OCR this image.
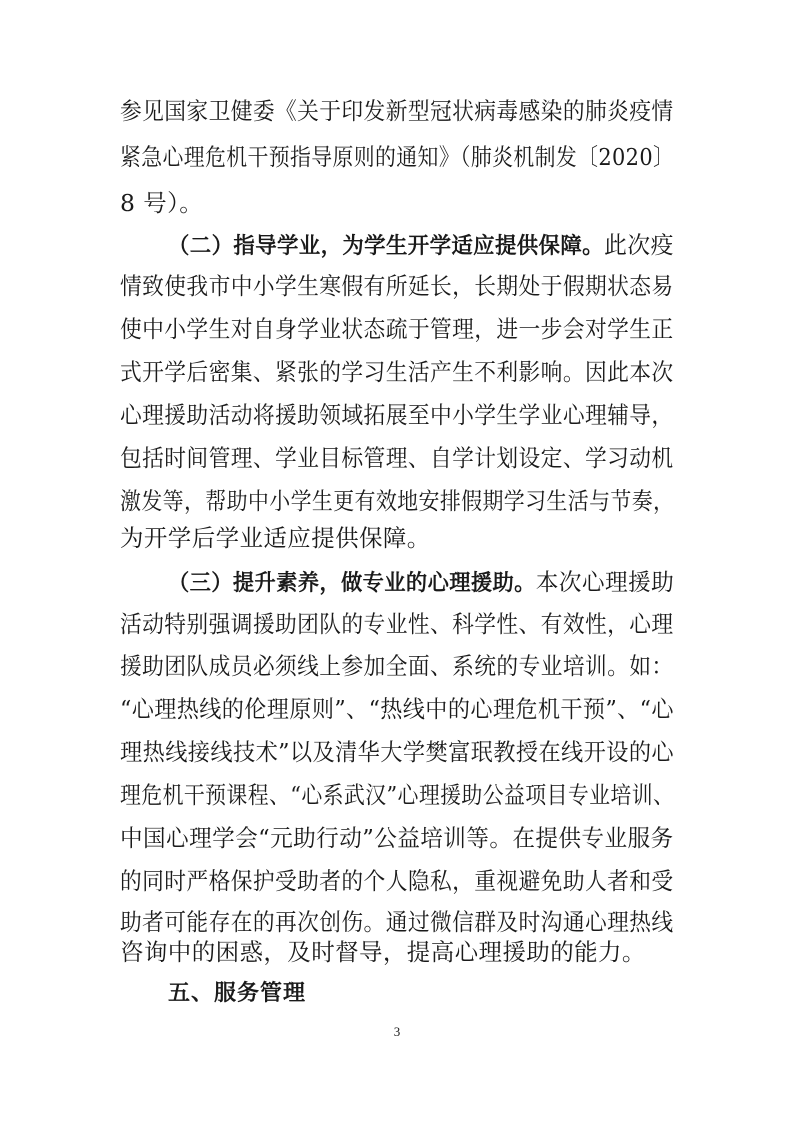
参见国家卫健委《关于印发新型冠状病毒感染的肺炎疫情
紧急心理危机干预指导原则的通知》（肺炎机制发〔2020〕
8 号）。
（二）指导学业，为学生开学适应提供保障。此次疫
情致使我市中小学生寒假有所延长，长期处于假期状态易
使中小学生对自身学业状态疏于管理，进一步会对学生正
式开学后密集、紧张的学习生活产生不利影响。因此本次
心理援助活动将援助领域拓展至中小学生学业心理辅导，
包括时间管理、学业目标管理、自学计划设定、学习动机
激发等，帮助中小学生更有效地安排假期学习生活与节奏，
为开学后学业适应提供保障。
（三）提升素养，做专业的心理援助。本次心理援助
活动特别强调援助团队的专业性、科学性、有效性，心理
援助团队成员必须线上参加全面、系统的专业培训。如：
“心理热线的伦理原则”、“热线中的心理危机干预”、“心
理热线接线技术”以及清华大学樊富珉教授在线开设的心
理危机干预课程、“心系武汉”心理援助公益项目专业培训、
中国心理学会“元助行动”公益培训等。在提供专业服务
的同时严格保护受助者的个人隐私，重视避免助人者和受
助者可能存在的再次创伤。通过微信群及时沟通心理热线
咨询中的困惑，及时督导，提高心理援助的能力。
五、服务管理
3
